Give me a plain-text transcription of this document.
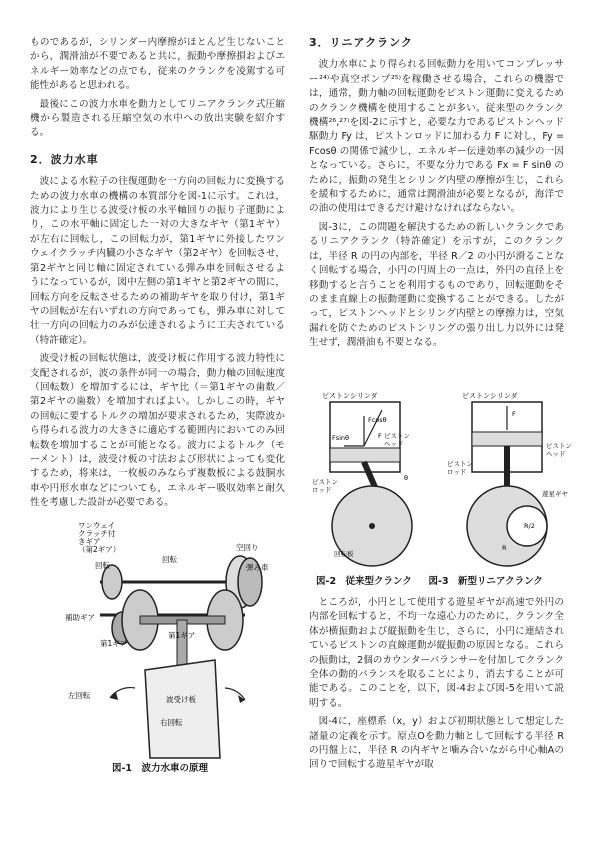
ものであるが，シリンダー内摩擦がほとんど生じないことから，潤滑油が不要であると共に，振動や摩擦損およびエネルギー効率などの点でも，従来のクランクを凌駕する可能性があると思われる。

最後にこの波力水車を動力としてリニアクランク式圧縮機から製造される圧縮空気の水中への放出実験を紹介する。

2．波力水車

波による水粒子の往復運動を一方向の回転力に変換するための波力水車の機構の本質部分を図-1に示す。これは，波力により生じる波受け板の水平軸回りの振り子運動により，この水平軸に固定した一対の大きなギヤ（第1ギヤ）が左右に回転し，この回転力が，第1ギヤに外接したワンウェイクラッチ内臓の小さなギヤ（第2ギヤ）を回転させ，第2ギヤと同じ軸に固定されている弾み車を回転させるようになっているが，図中左側の第1ギヤと第2ギヤの間に，回転方向を反転させるための補助ギヤを取り付け，第1ギヤの回転が左右いずれの方向であっても，弾み車に対して壮一方向の回転力のみが伝達されるように工夫されている（特許確定）。

波受け板の回転状態は，波受け板に作用する波力特性に支配されるが，波の条件が同一の場合，動力軸の回転速度（回転数）を増加するには，ギヤ比（＝第1ギヤの歯数／第2ギヤの歯数）を増加すればよい。しかしこの時，ギヤの回転に要するトルクの増加が要求されるため，実際波から得られる波力の大きさに適応する範囲内においてのみ回転数を増加することが可能となる。波力によるトルク（モーメント）は，波受け板の寸法および形状によっても変化するため，将来は，一枚板のみならず複数板による鼓胴水車や円形水車などについても，エネルギー吸収効率と耐久性を考慮した設計が必要である。

ワンウェイクラッチ付きギア（第2ギア）
回転
回転
空回り
弾み車
補助ギア
第1ギア
第1ギア
波受け板
左回転
右回転
図-1　波力水車の原理
3．リニアクランク

波力水車により得られる回転動力を用いてコンプレッサー²⁴⁾や真空ポンプ²⁵⁾を稼働させる場合，これらの機器では，通常，動力軸の回転運動をピストン運動に変えるためのクランク機構を使用することが多い。従来型のクランク機構²⁶,²⁷⁾を図-2に示すと，必要な力であるピストンヘッド駆動力 Fy は，ピストンロッドに加わる力 F に対し，Fy = Fcosθ の関係で減少し，エネルギー伝達効率の減少の一因となっている。さらに，不要な分力である Fx = F sinθ のために，振動の発生とシリング内壁の摩擦が生じ，これらを緩和するために，通常は潤滑油が必要となるが，海洋での油の使用はできるだけ避けなければならない。

図-3に，この問題を解決するための新しいクランクであるリニアクランク（特許確定）を示すが，このクランクは，半径 R の円の内部を，半径 R／2 の小円が滑ることなく回転する場合，小円の円周上の一点は，外円の直径上を移動すると言うことを利用するものであり，回転運動をそのまま直線上の振動運動に変換することができる。したがって，ピストンヘッドとシリング内壁との摩擦力は，空気漏れを防ぐためのピストンリングの張り出し力以外には発生せず，潤滑油も不要となる。

ピストンシリンダ
Fcosθ
Fsinθ	F ピストンヘッド
θ
ピストンロッド
回転板
ピストンシリンダ
F
ピストンロッド
遊星ギヤ
R/2
R
ピストンヘッド
図-2　従来型クランク 図-3　新型リニアクランク

ところが，小円として使用する遊星ギヤが高速で外円の内部を回転すると，不均一な遠心力のために，クランク全体が横振動および縦振動を生じ，さらに，小円に連結されているピストンの直線運動が縦振動の原因となる。これらの振動は，2個のカウンターバランサーを付加してクランク全体の動的バランスを取ることにより，消去することが可能である。このことを，以下，図-4および図-5を用いて説明する。

図-4に，座標系（x，y）および初期状態として想定した諸量の定義を示す。原点Oを動力軸として回転する半径 R の円盤上に，半径 R の内ギヤと噛み合いながら中心軸Aの回りで回転する遊星ギヤが取
